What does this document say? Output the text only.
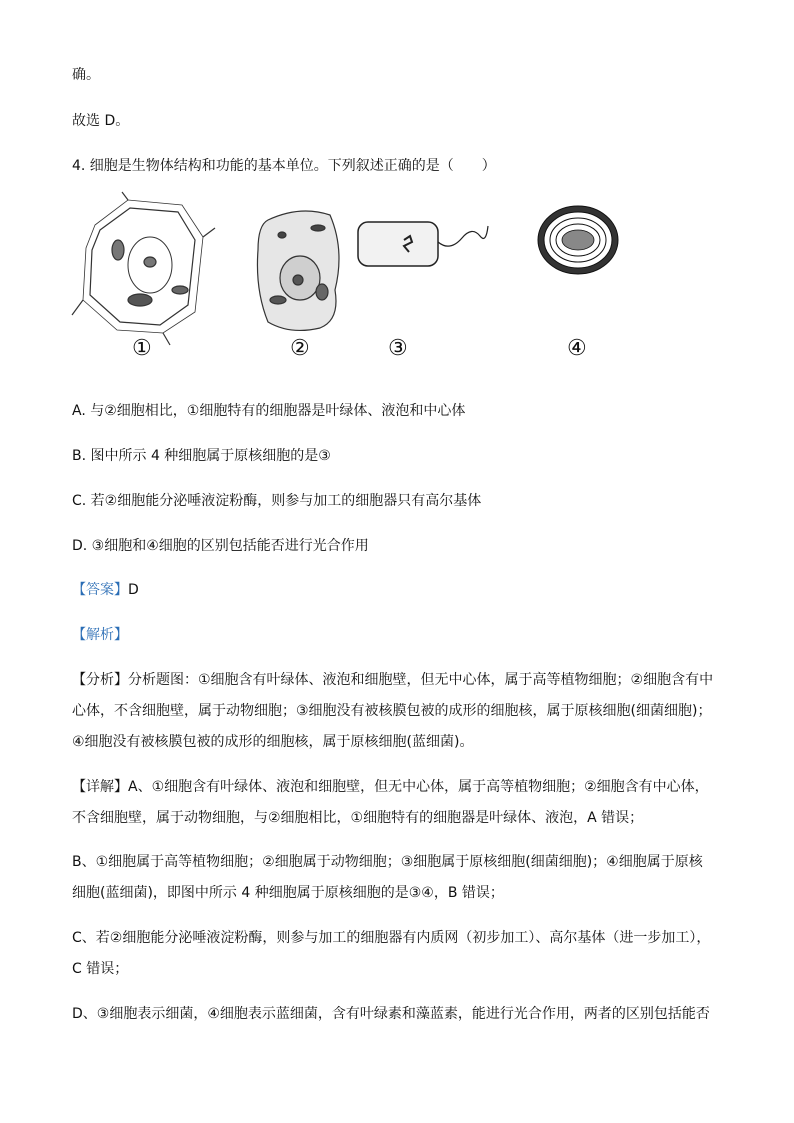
确。
故选 D。
4. 细胞是生物体结构和功能的基本单位。下列叙述正确的是（　　）
①	②	③	④
A. 与②细胞相比，①细胞特有的细胞器是叶绿体、液泡和中心体
B. 图中所示 4 种细胞属于原核细胞的是③
C. 若②细胞能分泌唾液淀粉酶，则参与加工的细胞器只有高尔基体
D. ③细胞和④细胞的区别包括能否进行光合作用
【答案】D
【解析】
【分析】分析题图：①细胞含有叶绿体、液泡和细胞壁，但无中心体，属于高等植物细胞；②细胞含有中
心体，不含细胞壁，属于动物细胞；③细胞没有被核膜包被的成形的细胞核，属于原核细胞(细菌细胞)；
④细胞没有被核膜包被的成形的细胞核，属于原核细胞(蓝细菌)。
【详解】A、①细胞含有叶绿体、液泡和细胞壁，但无中心体，属于高等植物细胞；②细胞含有中心体，
不含细胞壁，属于动物细胞，与②细胞相比，①细胞特有的细胞器是叶绿体、液泡，A 错误；
B、①细胞属于高等植物细胞；②细胞属于动物细胞；③细胞属于原核细胞(细菌细胞)；④细胞属于原核
细胞(蓝细菌)，即图中所示 4 种细胞属于原核细胞的是③④，B 错误；
C、若②细胞能分泌唾液淀粉酶，则参与加工的细胞器有内质网（初步加工）、高尔基体（进一步加工），
C 错误；
D、③细胞表示细菌，④细胞表示蓝细菌，含有叶绿素和藻蓝素，能进行光合作用，两者的区别包括能否
